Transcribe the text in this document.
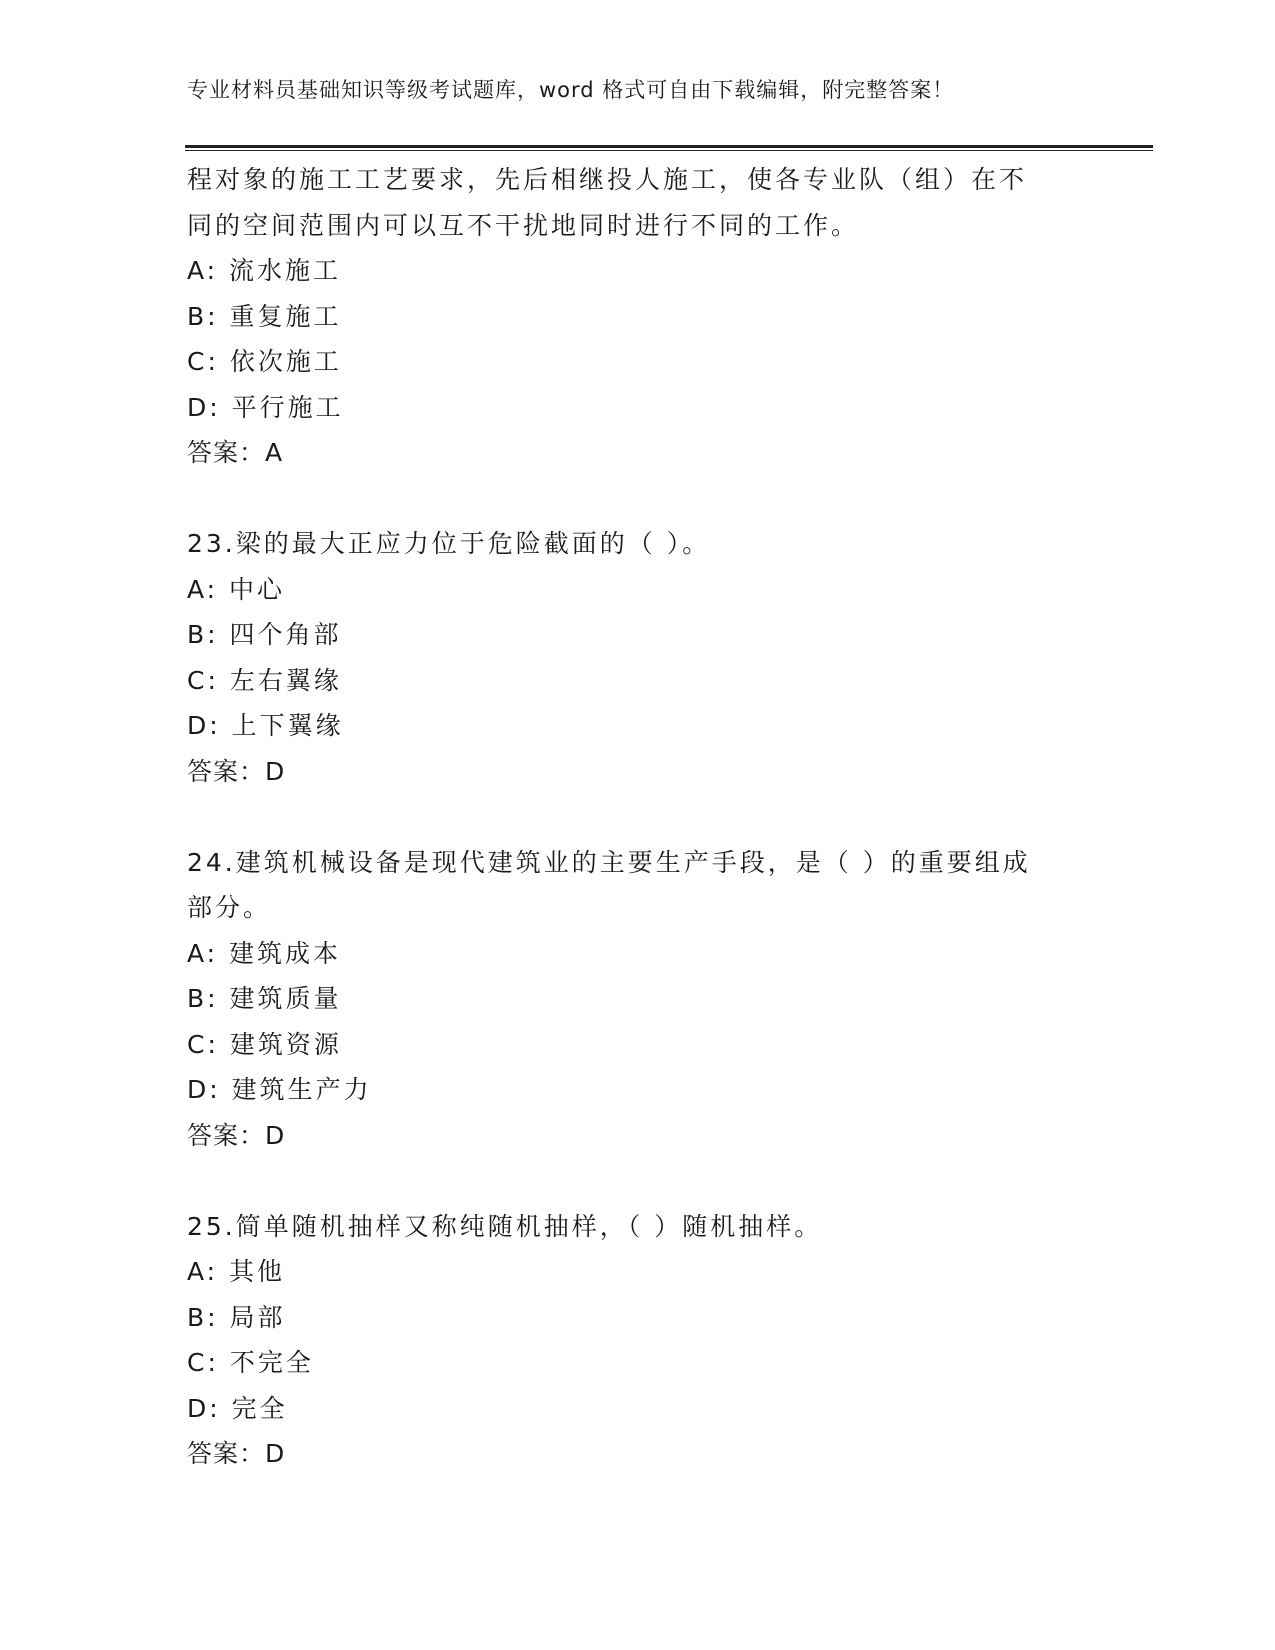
专业材料员基础知识等级考试题库，word 格式可自由下载编辑，附完整答案！
程对象的施工工艺要求，先后相继投人施工，使各专业队（组）在不
同的空间范围内可以互不干扰地同时进行不同的工作。
A: 流水施工
B: 重复施工
C: 依次施工
D: 平行施工
答案：A
23.梁的最大正应力位于危险截面的（ ）。
A: 中心
B: 四个角部
C: 左右翼缘
D: 上下翼缘
答案：D
24.建筑机械设备是现代建筑业的主要生产手段，是（ ）的重要组成
部分。
A: 建筑成本
B: 建筑质量
C: 建筑资源
D: 建筑生产力
答案：D
25.简单随机抽样又称纯随机抽样，（ ）随机抽样。
A: 其他
B: 局部
C: 不完全
D: 完全
答案：D
